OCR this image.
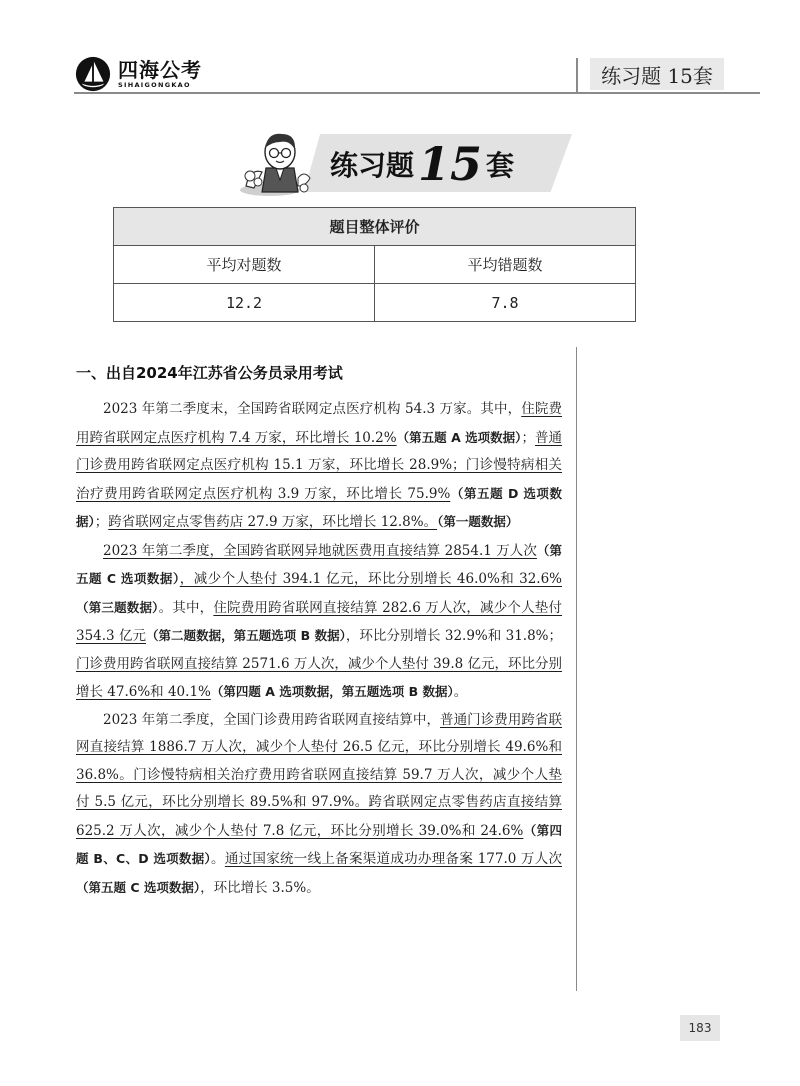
四海公考
SIHAIGONGKAO	练习题 15套
练习题 15 套
题目整体评价	
平均对题数	平均错题数
12.2	7.8
一、出自2024年江苏省公务员录用考试

2023 年第二季度末，全国跨省联网定点医疗机构 54.3 万家。其中，住院费用跨省联网定点医疗机构 7.4 万家，环比增长 10.2%（第五题 A 选项数据）；普通门诊费用跨省联网定点医疗机构 15.1 万家，环比增长 28.9%；门诊慢特病相关治疗费用跨省联网定点医疗机构 3.9 万家，环比增长 75.9%（第五题 D 选项数据）；跨省联网定点零售药店 27.9 万家，环比增长 12.8%。（第一题数据）

2023 年第二季度，全国跨省联网异地就医费用直接结算 2854.1 万人次（第五题 C 选项数据），减少个人垫付 394.1 亿元，环比分别增长 46.0%和 32.6%（第三题数据）。其中，住院费用跨省联网直接结算 282.6 万人次，减少个人垫付 354.3 亿元（第二题数据，第五题选项 B 数据），环比分别增长 32.9%和 31.8%；门诊费用跨省联网直接结算 2571.6 万人次，减少个人垫付 39.8 亿元，环比分别增长 47.6%和 40.1%（第四题 A 选项数据，第五题选项 B 数据）。

2023 年第二季度，全国门诊费用跨省联网直接结算中，普通门诊费用跨省联网直接结算 1886.7 万人次，减少个人垫付 26.5 亿元，环比分别增长 49.6%和 36.8%。门诊慢特病相关治疗费用跨省联网直接结算 59.7 万人次，减少个人垫付 5.5 亿元，环比分别增长 89.5%和 97.9%。跨省联网定点零售药店直接结算 625.2 万人次，减少个人垫付 7.8 亿元，环比分别增长 39.0%和 24.6%（第四题 B、C、D 选项数据）。通过国家统一线上备案渠道成功办理备案 177.0 万人次（第五题 C 选项数据），环比增长 3.5%。

183
